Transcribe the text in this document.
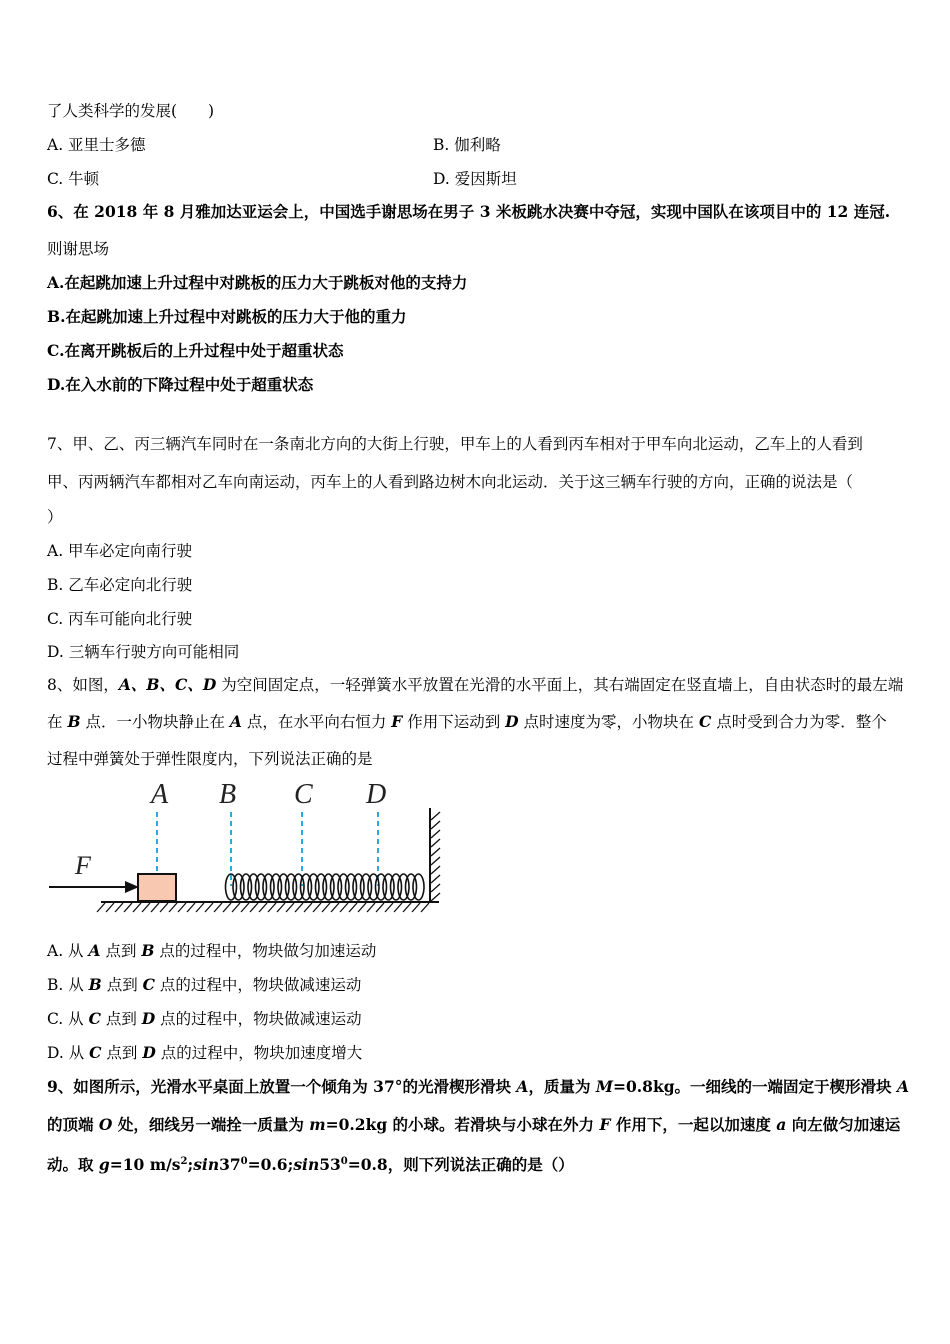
了人类科学的发展(　　)
A. 亚里士多德	B. 伽利略
C. 牛顿	D. 爱因斯坦
6、在 2018 年 8 月雅加达亚运会上，中国选手谢思场在男子 3 米板跳水决赛中夺冠，实现中国队在该项目中的 12 连冠.
则谢思场
A.在起跳加速上升过程中对跳板的压力大于跳板对他的支持力
B.在起跳加速上升过程中对跳板的压力大于他的重力
C.在离开跳板后的上升过程中处于超重状态
D.在入水前的下降过程中处于超重状态
7、甲、乙、丙三辆汽车同时在一条南北方向的大街上行驶，甲车上的人看到丙车相对于甲车向北运动，乙车上的人看到
甲、丙两辆汽车都相对乙车向南运动，丙车上的人看到路边树木向北运动．关于这三辆车行驶的方向，正确的说法是（
）
A. 甲车必定向南行驶
B. 乙车必定向北行驶
C. 丙车可能向北行驶
D. 三辆车行驶方向可能相同
8、如图，A、B、C、D 为空间固定点，一轻弹簧水平放置在光滑的水平面上，其右端固定在竖直墙上，自由状态时的最左端
在 B 点．一小物块静止在 A 点，在水平向右恒力 F 作用下运动到 D 点时速度为零，小物块在 C 点时受到合力为零．整个
过程中弹簧处于弹性限度内，下列说法正确的是
A B C D
F
A. 从 A 点到 B 点的过程中，物块做匀加速运动
B. 从 B 点到 C 点的过程中，物块做减速运动
C. 从 C 点到 D 点的过程中，物块做减速运动
D. 从 C 点到 D 点的过程中，物块加速度增大
9、如图所示，光滑水平桌面上放置一个倾角为 37°的光滑楔形滑块 A，质量为 M=0.8kg。一细线的一端固定于楔形滑块 A
的顶端 O 处，细线另一端拴一质量为 m=0.2kg 的小球。若滑块与小球在外力 F 作用下，一起以加速度 a 向左做匀加速运
动。取 g=10 $m/s^2;\sin 37^0=0.6;\sin 53^0=0.8$，则下列说法正确的是（）
